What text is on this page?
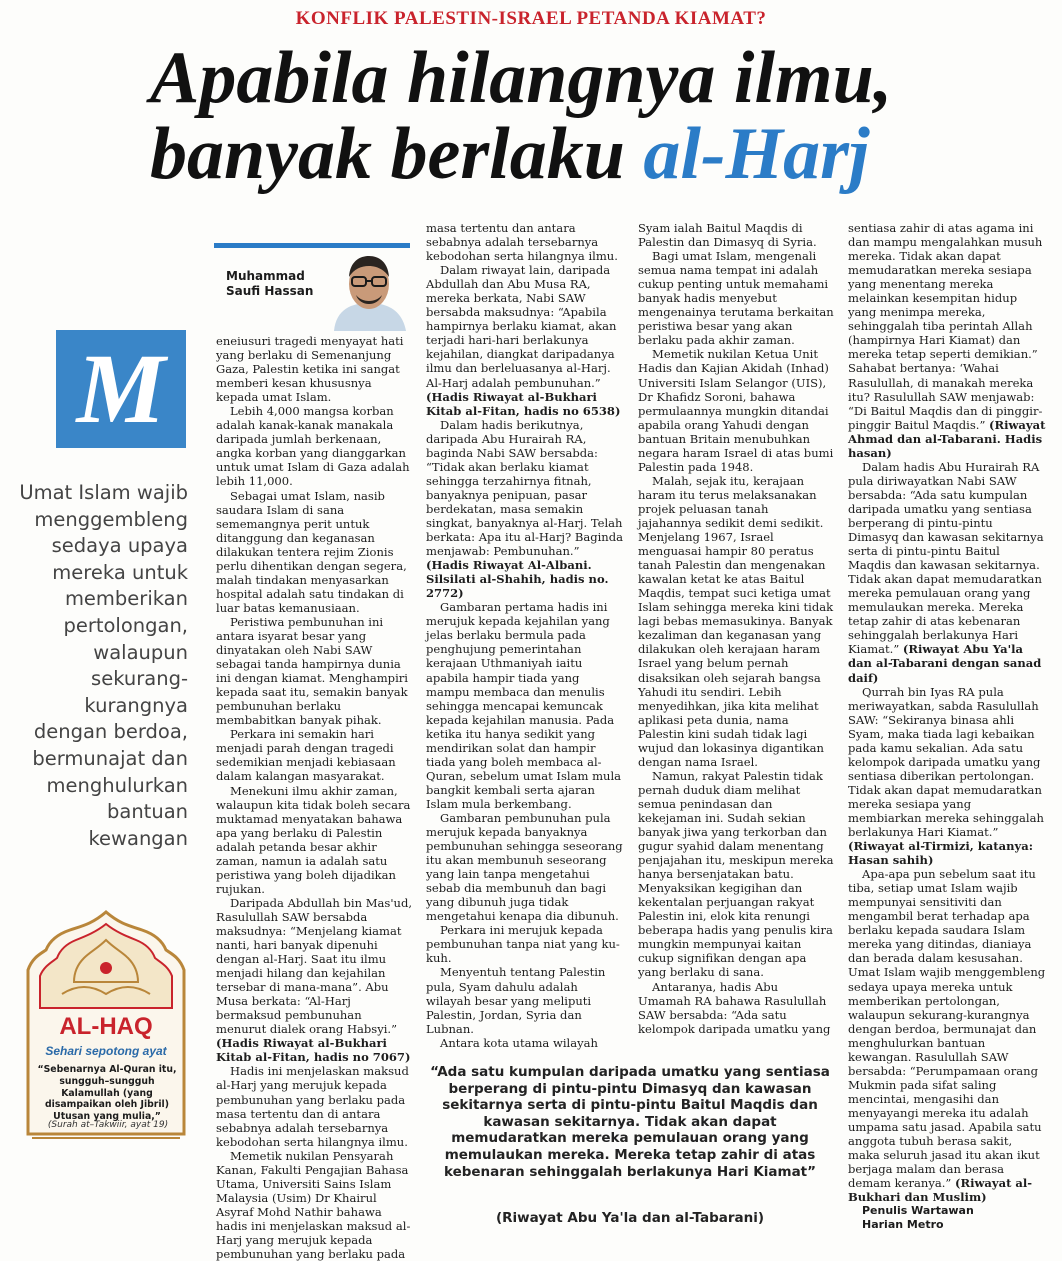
KONFLIK PALESTIN-ISRAEL PETANDA KIAMAT?
Apabila hilangnya ilmu,
banyak berlaku al-Harj
Muhammad
Saufi Hassan
M
Umat Islam wajib menggembleng sedaya upaya mereka untuk memberikan pertolongan, walaupun sekurang-kurangnya dengan berdoa, bermunajat dan menghulurkan bantuan kewangan
AL-HAQ
Sehari sepotong ayat
“Sebenarnya Al-Quran itu, sungguh–sungguh Kalamullah (yang disampaikan oleh Jibril) Utusan yang mulia,”
(Surah at–Takwiir, ayat 19)

eneiusuri tragedi menyayat hati yang berlaku di Semenanjung Gaza, Palestin ketika ini sangat memberi kesan khususnya kepada umat Islam.

Lebih 4,000 mangsa korban adalah kanak-kanak manakala daripada jumlah berkenaan, angka korban yang dianggarkan untuk umat Islam di Gaza adalah lebih 11,000.

Sebagai umat Islam, nasib saudara Islam di sana sememangnya perit untuk ditanggung dan keganasan dilakukan tentera rejim Zionis perlu dihentikan dengan segera, malah tindakan menyasarkan hospital adalah satu tindakan di luar batas kemanusiaan.

Peristiwa pembunuhan ini antara isyarat besar yang dinyatakan oleh Nabi SAW sebagai tanda hampirnya dunia ini dengan kiamat. Menghampiri kepada saat itu, semakin banyak pembunuhan berlaku membabitkan banyak pihak.

Perkara ini semakin hari menjadi parah dengan tragedi sedemikian menjadi kebiasaan dalam kalangan masyarakat.

Menekuni ilmu akhir zaman, walaupun kita tidak boleh secara muktamad menyatakan bahawa apa yang berlaku di Palestin adalah petanda besar akhir zaman, namun ia adalah satu peristiwa yang boleh dijadikan rujukan.

Daripada Abdullah bin Mas'ud, Rasulullah SAW bersabda maksudnya: “Menjelang kiamat nanti, hari banyak dipenuhi dengan al-Harj. Saat itu ilmu menjadi hilang dan kejahilan tersebar di mana-mana”. Abu Musa berkata: “Al-Harj bermaksud pembunuhan menurut dialek orang Habsyi.” (Hadis Riwayat al-Bukhari Kitab al-Fitan, hadis no 7067)

Hadis ini menjelaskan maksud al-Harj yang merujuk kepada pembunuhan yang berlaku pada masa tertentu dan di antara sebabnya adalah tersebarnya kebodohan serta hilangnya ilmu.

Memetik nukilan Pensyarah Kanan, Fakulti Pengajian Bahasa Utama, Universiti Sains Islam Malaysia (Usim) Dr Khairul Asyraf Mohd Nathir bahawa hadis ini menjelaskan maksud al-Harj yang merujuk kepada pembunuhan yang berlaku pada

masa tertentu dan antara sebabnya adalah tersebarnya kebodohan serta hilangnya ilmu.

Dalam riwayat lain, daripada Abdullah dan Abu Musa RA, mereka berkata, Nabi SAW bersabda maksudnya: “Apabila hampirnya berlaku kiamat, akan terjadi hari-hari berlakunya kejahilan, diangkat daripadanya ilmu dan berleluasanya al-Harj. Al-Harj adalah pembunuhan.” (Hadis Riwayat al-Bukhari Kitab al-Fitan, hadis no 6538)

Dalam hadis berikutnya, daripada Abu Hurairah RA, baginda Nabi SAW bersabda: “Tidak akan berlaku kiamat sehingga terzahirnya fitnah, banyaknya penipuan, pasar berdekatan, masa semakin singkat, banyaknya al-Harj. Telah berkata: Apa itu al-Harj? Baginda menjawab: Pembunuhan.” (Hadis Riwayat Al-Albani. Silsilati al-Shahih, hadis no. 2772)

Gambaran pertama hadis ini merujuk kepada kejahilan yang jelas berlaku bermula pada penghujung pemerintahan kerajaan Uthmaniyah iaitu apabila hampir tiada yang mampu membaca dan menulis sehingga mencapai kemuncak kepada kejahilan manusia. Pada ketika itu hanya sedikit yang mendirikan solat dan hampir tiada yang boleh membaca al-Quran, sebelum umat Islam mula bangkit kembali serta ajaran Islam mula berkembang.

Gambaran pembunuhan pula merujuk kepada banyaknya pembunuhan sehingga seseorang itu akan membunuh seseorang yang lain tanpa mengetahui sebab dia membunuh dan bagi yang dibunuh juga tidak mengetahui kenapa dia dibunuh.

Perkara ini merujuk kepada pembunuhan tanpa niat yang ku-kuh.

Menyentuh tentang Palestin pula, Syam dahulu adalah wilayah besar yang meliputi Palestin, Jordan, Syria dan Lubnan.

Antara kota utama wilayah

Syam ialah Baitul Maqdis di Palestin dan Dimasyq di Syria.

Bagi umat Islam, mengenali semua nama tempat ini adalah cukup penting untuk memahami banyak hadis menyebut mengenainya terutama berkaitan peristiwa besar yang akan berlaku pada akhir zaman.

Memetik nukilan Ketua Unit Hadis dan Kajian Akidah (Inhad) Universiti Islam Selangor (UIS), Dr Khafidz Soroni, bahawa permulaannya mungkin ditandai apabila orang Yahudi dengan bantuan Britain menubuhkan negara haram Israel di atas bumi Palestin pada 1948.

Malah, sejak itu, kerajaan haram itu terus melaksanakan projek peluasan tanah jajahannya sedikit demi sedikit. Menjelang 1967, Israel menguasai hampir 80 peratus tanah Palestin dan mengenakan kawalan ketat ke atas Baitul Maqdis, tempat suci ketiga umat Islam sehingga mereka kini tidak lagi bebas memasukinya. Banyak kezaliman dan keganasan yang dilakukan oleh kerajaan haram Israel yang belum pernah disaksikan oleh sejarah bangsa Yahudi itu sendiri. Lebih menyedihkan, jika kita melihat aplikasi peta dunia, nama Palestin kini sudah tidak lagi wujud dan lokasinya digantikan dengan nama Israel.

Namun, rakyat Palestin tidak pernah duduk diam melihat semua penindasan dan kekejaman ini. Sudah sekian banyak jiwa yang terkorban dan gugur syahid dalam menentang penjajahan itu, meskipun mereka hanya bersenjatakan batu. Menyaksikan kegigihan dan kekentalan perjuangan rakyat Palestin ini, elok kita renungi beberapa hadis yang penulis kira mungkin mempunyai kaitan cukup signifikan dengan apa yang berlaku di sana.

Antaranya, hadis Abu Umamah RA bahawa Rasulullah SAW bersabda: “Ada satu kelompok daripada umatku yang

sentiasa zahir di atas agama ini dan mampu mengalahkan musuh mereka. Tidak akan dapat memudaratkan mereka sesiapa yang menentang mereka melainkan kesempitan hidup yang menimpa mereka, sehinggalah tiba perintah Allah (hampirnya Hari Kiamat) dan mereka tetap seperti demikian.” Sahabat bertanya: ‘Wahai Rasulullah, di manakah mereka itu? Rasulullah SAW menjawab: “Di Baitul Maqdis dan di pinggir-pinggir Baitul Maqdis.” (Riwayat Ahmad dan al-Tabarani. Hadis hasan)

Dalam hadis Abu Hurairah RA pula diriwayatkan Nabi SAW bersabda: “Ada satu kumpulan daripada umatku yang sentiasa berperang di pintu-pintu Dimasyq dan kawasan sekitarnya serta di pintu-pintu Baitul Maqdis dan kawasan sekitarnya. Tidak akan dapat memudaratkan mereka pemulauan orang yang memulaukan mereka. Mereka tetap zahir di atas kebenaran sehinggalah berlakunya Hari Kiamat.” (Riwayat Abu Ya'la dan al-Tabarani dengan sanad daif)

Qurrah bin Iyas RA pula meriwayatkan, sabda Rasulullah SAW: “Sekiranya binasa ahli Syam, maka tiada lagi kebaikan pada kamu sekalian. Ada satu kelompok daripada umatku yang sentiasa diberikan pertolongan. Tidak akan dapat memudaratkan mereka sesiapa yang membiarkan mereka sehinggalah berlakunya Hari Kiamat.” (Riwayat al-Tirmizi, katanya: Hasan sahih)

Apa-apa pun sebelum saat itu tiba, setiap umat Islam wajib mempunyai sensitiviti dan mengambil berat terhadap apa berlaku kepada saudara Islam mereka yang ditindas, dianiaya dan berada dalam kesusahan. Umat Islam wajib menggembleng sedaya upaya mereka untuk memberikan pertolongan, walaupun sekurang-kurangnya dengan berdoa, bermunajat dan menghulurkan bantuan kewangan. Rasulullah SAW bersabda: “Perumpamaan orang Mukmin pada sifat saling mencintai, mengasihi dan menyayangi mereka itu adalah umpama satu jasad. Apabila satu anggota tubuh berasa sakit, maka seluruh jasad itu akan ikut berjaga malam dan berasa demam keranya.” (Riwayat al-Bukhari dan Muslim)

“Ada satu kumpulan daripada umatku yang sentiasa berperang di pintu-pintu Dimasyq dan kawasan sekitarnya serta di pintu-pintu Baitul Maqdis dan kawasan sekitarnya. Tidak akan dapat memudaratkan mereka pemulauan orang yang memulaukan mereka. Mereka tetap zahir di atas kebenaran sehinggalah berlakunya Hari Kiamat”
(Riwayat Abu Ya'la dan al-Tabarani)	Penulis Wartawan
Harian Metro
